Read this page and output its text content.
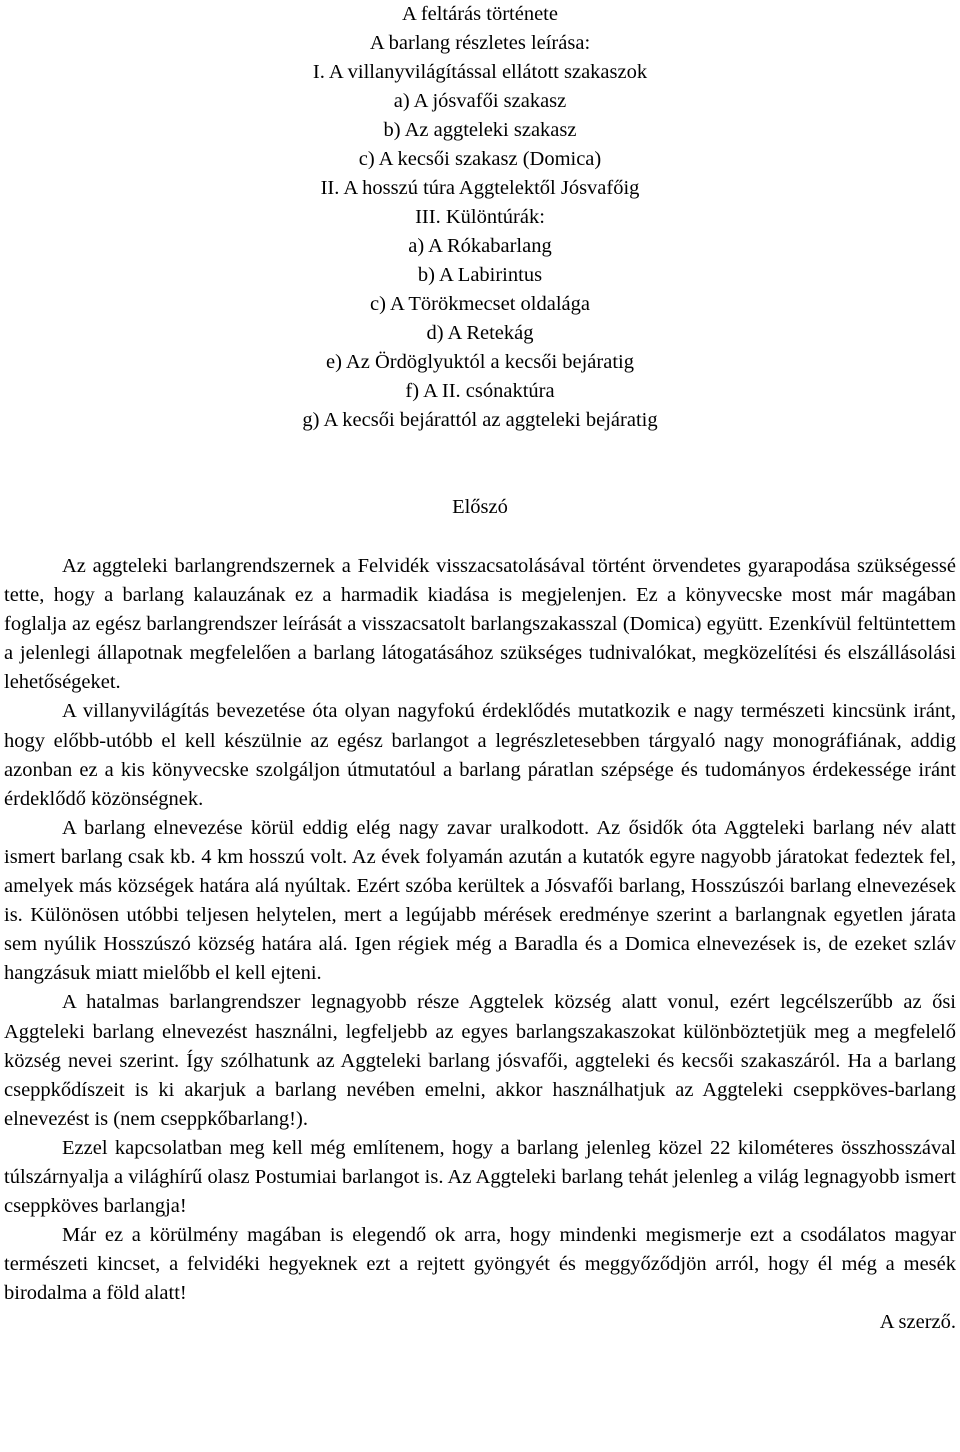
A feltárás története
A barlang részletes leírása:
I. A villanyvilágítással ellátott szakaszok
a) A jósvafői szakasz
b) Az aggteleki szakasz
c) A kecsői szakasz (Domica)
II. A hosszú túra Aggtelektől Jósvafőig
III. Különtúrák:
a) A Rókabarlang
b) A Labirintus
c) A Törökmecset oldalága
d) A Retekág
e) Az Ördöglyuktól a kecsői bejáratig
f) A II. csónaktúra
g) A kecsői bejárattól az aggteleki bejáratig
Előszó

Az aggteleki barlangrendszernek a Felvidék visszacsatolásával történt örvendetes gyarapodása szükségessé tette, hogy a barlang kalauzának ez a harmadik kiadása is megjelenjen. Ez a könyvecske most már magában foglalja az egész barlangrendszer leírását a visszacsatolt barlangszakasszal (Domica) együtt. Ezenkívül feltüntettem a jelenlegi állapotnak megfelelően a barlang látogatásához szükséges tudnivalókat, megközelítési és elszállásolási lehetőségeket.

A villanyvilágítás bevezetése óta olyan nagyfokú érdeklődés mutatkozik e nagy természeti kincsünk iránt, hogy előbb-utóbb el kell készülnie az egész barlangot a legrészletesebben tárgyaló nagy monográfiának, addig azonban ez a kis könyvecske szolgáljon útmutatóul a barlang páratlan szépsége és tudományos érdekessége iránt érdeklődő közönségnek.

A barlang elnevezése körül eddig elég nagy zavar uralkodott. Az ősidők óta Aggteleki barlang név alatt ismert barlang csak kb. 4 km hosszú volt. Az évek folyamán azután a kutatók egyre nagyobb járatokat fedeztek fel, amelyek más községek határa alá nyúltak. Ezért szóba kerültek a Jósvafői barlang, Hosszúszói barlang elnevezések is. Különösen utóbbi teljesen helytelen, mert a legújabb mérések eredménye szerint a barlangnak egyetlen járata sem nyúlik Hosszúszó község határa alá. Igen régiek még a Baradla és a Domica elnevezések is, de ezeket szláv hangzásuk miatt mielőbb el kell ejteni.

A hatalmas barlangrendszer legnagyobb része Aggtelek község alatt vonul, ezért legcélszerűbb az ősi Aggteleki barlang elnevezést használni, legfeljebb az egyes barlangszakaszokat különböztetjük meg a megfelelő község nevei szerint. Így szólhatunk az Aggteleki barlang jósvafői, aggteleki és kecsői szakaszáról. Ha a barlang cseppkődíszeit is ki akarjuk a barlang nevében emelni, akkor használhatjuk az Aggteleki cseppköves-barlang elnevezést is (nem cseppkőbarlang!).

Ezzel kapcsolatban meg kell még említenem, hogy a barlang jelenleg közel 22 kilométeres összhosszával túlszárnyalja a világhírű olasz Postumiai barlangot is. Az Aggteleki barlang tehát jelenleg a világ legnagyobb ismert cseppköves barlangja!

Már ez a körülmény magában is elegendő ok arra, hogy mindenki megismerje ezt a csodálatos magyar természeti kincset, a felvidéki hegyeknek ezt a rejtett gyöngyét és meggyőződjön arról, hogy él még a mesék birodalma a föld alatt!

A szerző.
